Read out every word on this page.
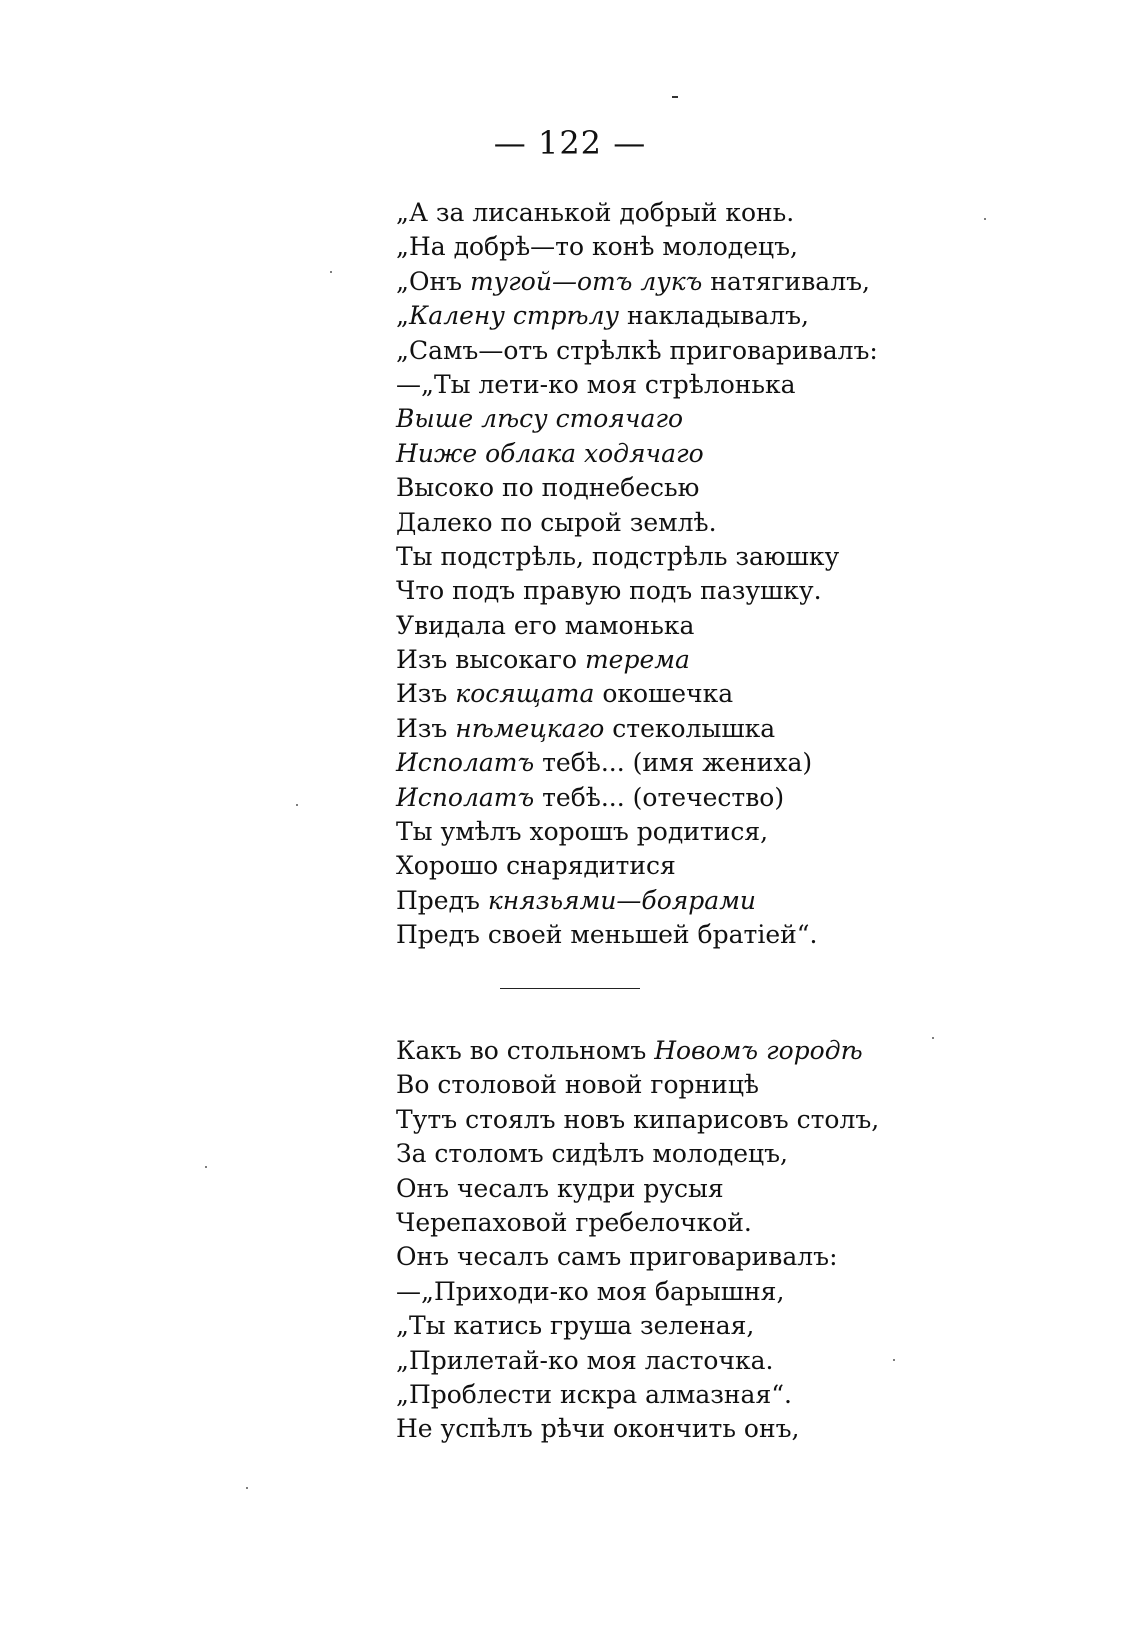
— 122 —
„А за лисанькой добрый конь.
„На добрѣ—то конѣ молодецъ,
„Онъ тугой—отъ лукъ натягивалъ,
„Калену стрѣлу накладывалъ,
„Самъ—отъ стрѣлкѣ приговаривалъ:
—„Ты лети-ко моя стрѣлонька
Выше лѣсу стоячаго
Ниже облака ходячаго
Высоко по поднебесью
Далеко по сырой землѣ.
Ты подстрѣль, подстрѣль заюшку
Что подъ правую подъ пазушку.
Увидала его мамонька
Изъ высокаго терема
Изъ косящата окошечка
Изъ нѣмецкаго стеколышка
Исполатъ тебѣ... (имя жениха)
Исполатъ тебѣ... (отечество)
Ты умѣлъ хорошъ родитися,
Хорошо снарядитися
Предъ князьями—боярами
Предъ своей меньшей братіей“.
Какъ во стольномъ Новомъ городѣ
Во столовой новой горницѣ
Тутъ стоялъ новъ кипарисовъ столъ,
За столомъ сидѣлъ молодецъ,
Онъ чесалъ кудри русыя
Черепаховой гребелочкой.
Онъ чесалъ самъ приговаривалъ:
—„Приходи-ко моя барышня,
„Ты катись груша зеленая,
„Прилетай-ко моя ласточка.
„Проблести искра алмазная“.
Не успѣлъ рѣчи окончить онъ,
